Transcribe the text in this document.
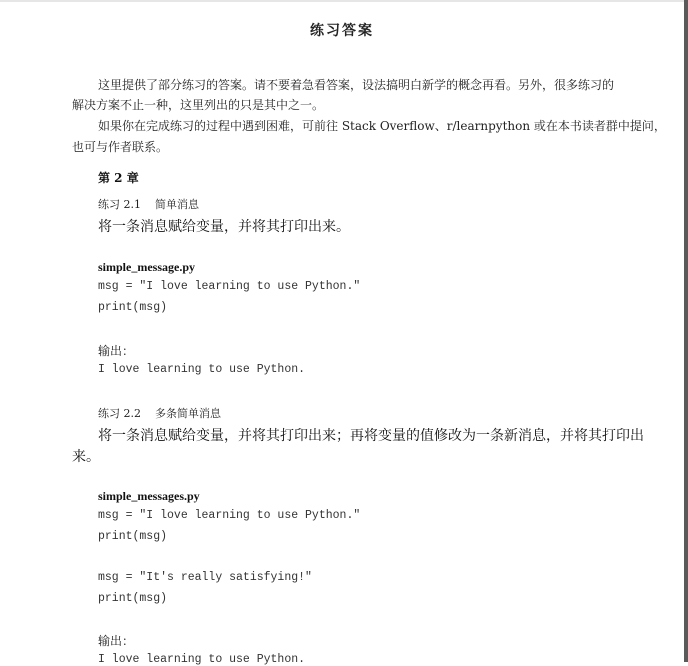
练习答案
这里提供了部分练习的答案。请不要着急看答案，设法搞明白新学的概念再看。另外，很多练习的
解决方案不止一种，这里列出的只是其中之一。
如果你在完成练习的过程中遇到困难，可前往 Stack Overflow、r/learnpython 或在本书读者群中提问，
也可与作者联系。
第 2 章
练习 2.1 简单消息
将一条消息赋给变量，并将其打印出来。
simple_message.py
msg = "I love learning to use Python."
print(msg)
输出：
I love learning to use Python.
练习 2.2 多条简单消息
将一条消息赋给变量，并将其打印出来；再将变量的值修改为一条新消息，并将其打印出
来。
simple_messages.py
msg = "I love learning to use Python."
print(msg)
msg = "It's really satisfying!"
print(msg)
输出：
I love learning to use Python.
